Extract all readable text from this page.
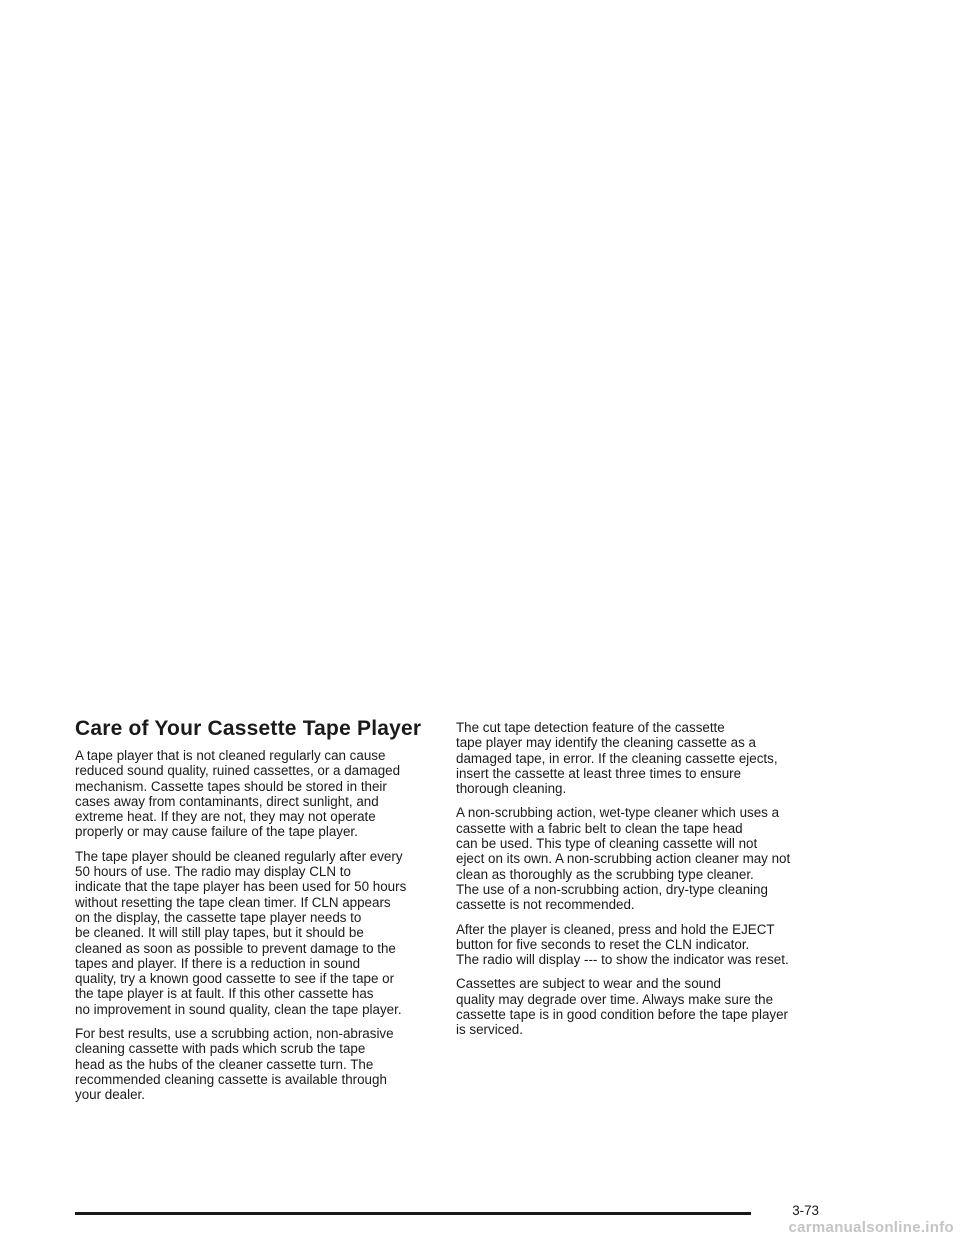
Care of Your Cassette Tape Player

A tape player that is not cleaned regularly can cause
reduced sound quality, ruined cassettes, or a damaged
mechanism. Cassette tapes should be stored in their
cases away from contaminants, direct sunlight, and
extreme heat. If they are not, they may not operate
properly or may cause failure of the tape player.

The tape player should be cleaned regularly after every
50 hours of use. The radio may display CLN to
indicate that the tape player has been used for 50 hours
without resetting the tape clean timer. If CLN appears
on the display, the cassette tape player needs to
be cleaned. It will still play tapes, but it should be
cleaned as soon as possible to prevent damage to the
tapes and player. If there is a reduction in sound
quality, try a known good cassette to see if the tape or
the tape player is at fault. If this other cassette has
no improvement in sound quality, clean the tape player.

For best results, use a scrubbing action, non-abrasive
cleaning cassette with pads which scrub the tape
head as the hubs of the cleaner cassette turn. The
recommended cleaning cassette is available through
your dealer.

The cut tape detection feature of the cassette
tape player may identify the cleaning cassette as a
damaged tape, in error. If the cleaning cassette ejects,
insert the cassette at least three times to ensure
thorough cleaning.

A non-scrubbing action, wet-type cleaner which uses a
cassette with a fabric belt to clean the tape head
can be used. This type of cleaning cassette will not
eject on its own. A non-scrubbing action cleaner may not
clean as thoroughly as the scrubbing type cleaner.
The use of a non-scrubbing action, dry-type cleaning
cassette is not recommended.

After the player is cleaned, press and hold the EJECT
button for five seconds to reset the CLN indicator.
The radio will display --- to show the indicator was reset.

Cassettes are subject to wear and the sound
quality may degrade over time. Always make sure the
cassette tape is in good condition before the tape player
is serviced.

3-73
carmanualsonline.info
